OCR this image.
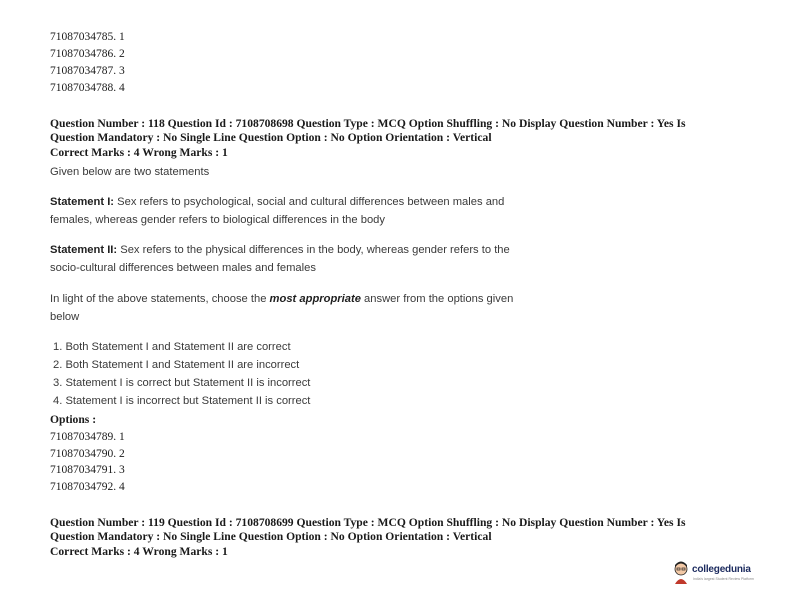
71087034785. 1
71087034786. 2
71087034787. 3
71087034788. 4
Question Number : 118 Question Id : 7108708698 Question Type : MCQ Option Shuffling : No Display Question Number : Yes Is
Question Mandatory : No Single Line Question Option : No Option Orientation : Vertical
Correct Marks : 4 Wrong Marks : 1
Given below are two statements
Statement I: Sex refers to psychological, social and cultural differences between males and
females, whereas gender refers to biological differences in the body
Statement II: Sex refers to the physical differences in the body, whereas gender refers to the
socio-cultural differences between males and females
In light of the above statements, choose the most appropriate answer from the options given
below
1. Both Statement I and Statement II are correct
2. Both Statement I and Statement II are incorrect
3. Statement I is correct but Statement II is incorrect
4. Statement I is incorrect but Statement II is correct
Options :
71087034789. 1
71087034790. 2
71087034791. 3
71087034792. 4
Question Number : 119 Question Id : 7108708699 Question Type : MCQ Option Shuffling : No Display Question Number : Yes Is
Question Mandatory : No Single Line Question Option : No Option Orientation : Vertical
Correct Marks : 4 Wrong Marks : 1
collegedunia
India's largest Student Review Platform
